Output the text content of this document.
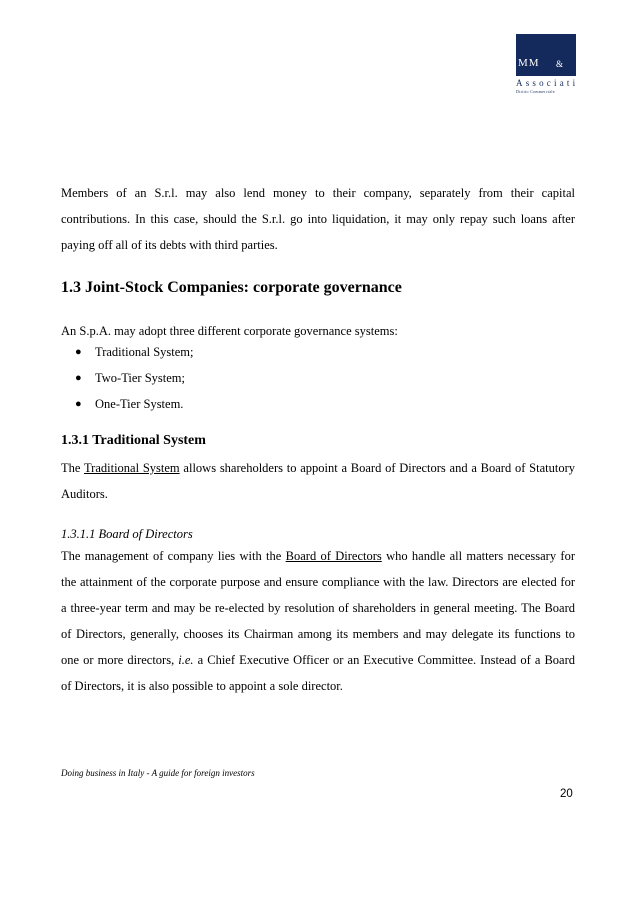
MM &
Associati
Diritto Commerciale

Members of an S.r.l. may also lend money to their company, separately from their capital
contributions. In this case, should the S.r.l. go into liquidation, it may only repay such loans after
paying off all of its debts with third parties.

1.3 Joint-Stock Companies: corporate governance

An S.p.A. may adopt three different corporate governance systems:

● Traditional System;
● Two-Tier System;
● One-Tier System.
1.3.1 Traditional System

The Traditional System allows shareholders to appoint a Board of Directors and a Board of Statutory
Auditors.

1.3.1.1 Board of Directors

The management of company lies with the Board of Directors who handle all matters necessary for
the attainment of the corporate purpose and ensure compliance with the law. Directors are elected for
a three-year term and may be re-elected by resolution of shareholders in general meeting. The Board
of Directors, generally, chooses its Chairman among its members and may delegate its functions to
one or more directors, i.e. a Chief Executive Officer or an Executive Committee. Instead of a Board
of Directors, it is also possible to appoint a sole director.

Doing business in Italy - A guide for foreign investors
20
